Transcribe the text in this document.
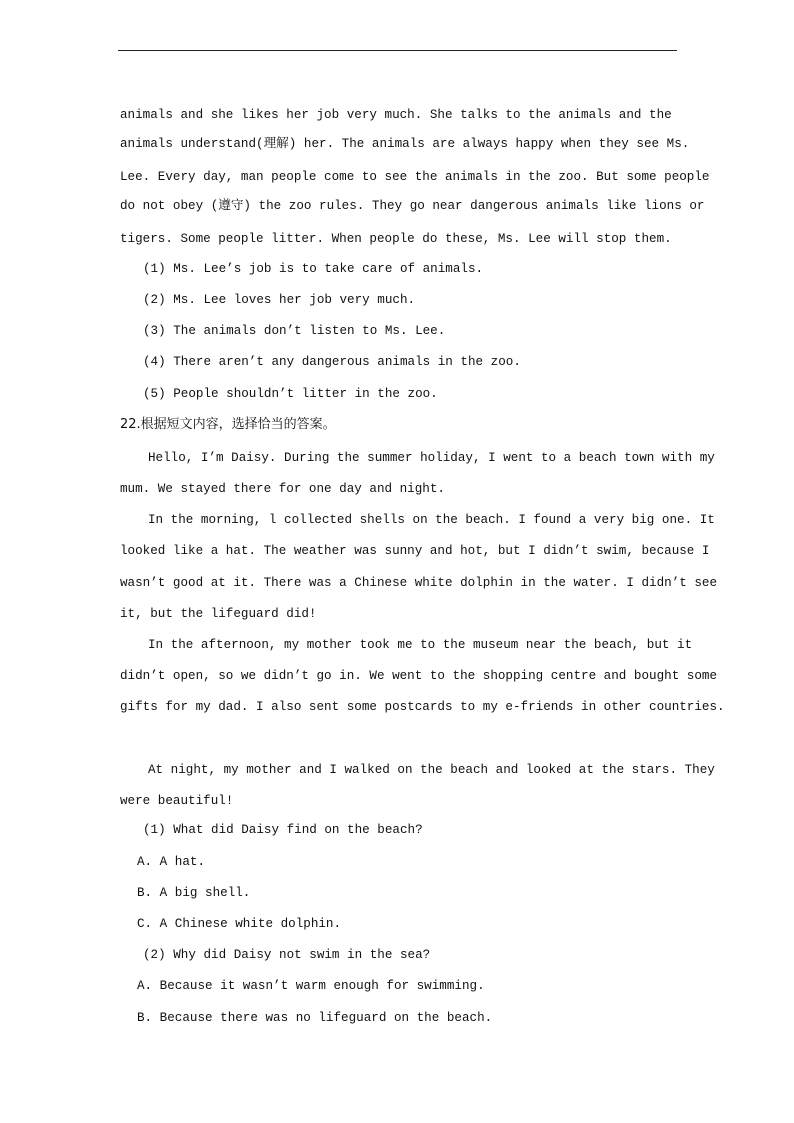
animals and she likes her job very much. She talks to the animals and the
animals understand(理解) her. The animals are always happy when they see Ms.
Lee. Every day, man people come to see the animals in the zoo. But some people
do not obey (遵守) the zoo rules. They go near dangerous animals like lions or
tigers. Some people litter. When people do these, Ms. Lee will stop them.
(1) Ms. Lee’s job is to take care of animals.
(2) Ms. Lee loves her job very much.
(3) The animals don’t listen to Ms. Lee.
(4) There aren’t any dangerous animals in the zoo.
(5) People shouldn’t litter in the zoo.
22.根据短文内容，选择恰当的答案。
Hello, I’m Daisy. During the summer holiday, I went to a beach town with my
mum. We stayed there for one day and night.
In the morning, l collected shells on the beach. I found a very big one. It
looked like a hat. The weather was sunny and hot, but I didn’t swim, because I
wasn’t good at it. There was a Chinese white dolphin in the water. I didn’t see
it, but the lifeguard did!
In the afternoon, my mother took me to the museum near the beach, but it
didn’t open, so we didn’t go in. We went to the shopping centre and bought some
gifts for my dad. I also sent some postcards to my e-friends in other countries.
At night, my mother and I walked on the beach and looked at the stars. They
were beautiful!
(1) What did Daisy find on the beach?
A. A hat.
B. A big shell.
C. A Chinese white dolphin.
(2) Why did Daisy not swim in the sea?
A. Because it wasn’t warm enough for swimming.
B. Because there was no lifeguard on the beach.
